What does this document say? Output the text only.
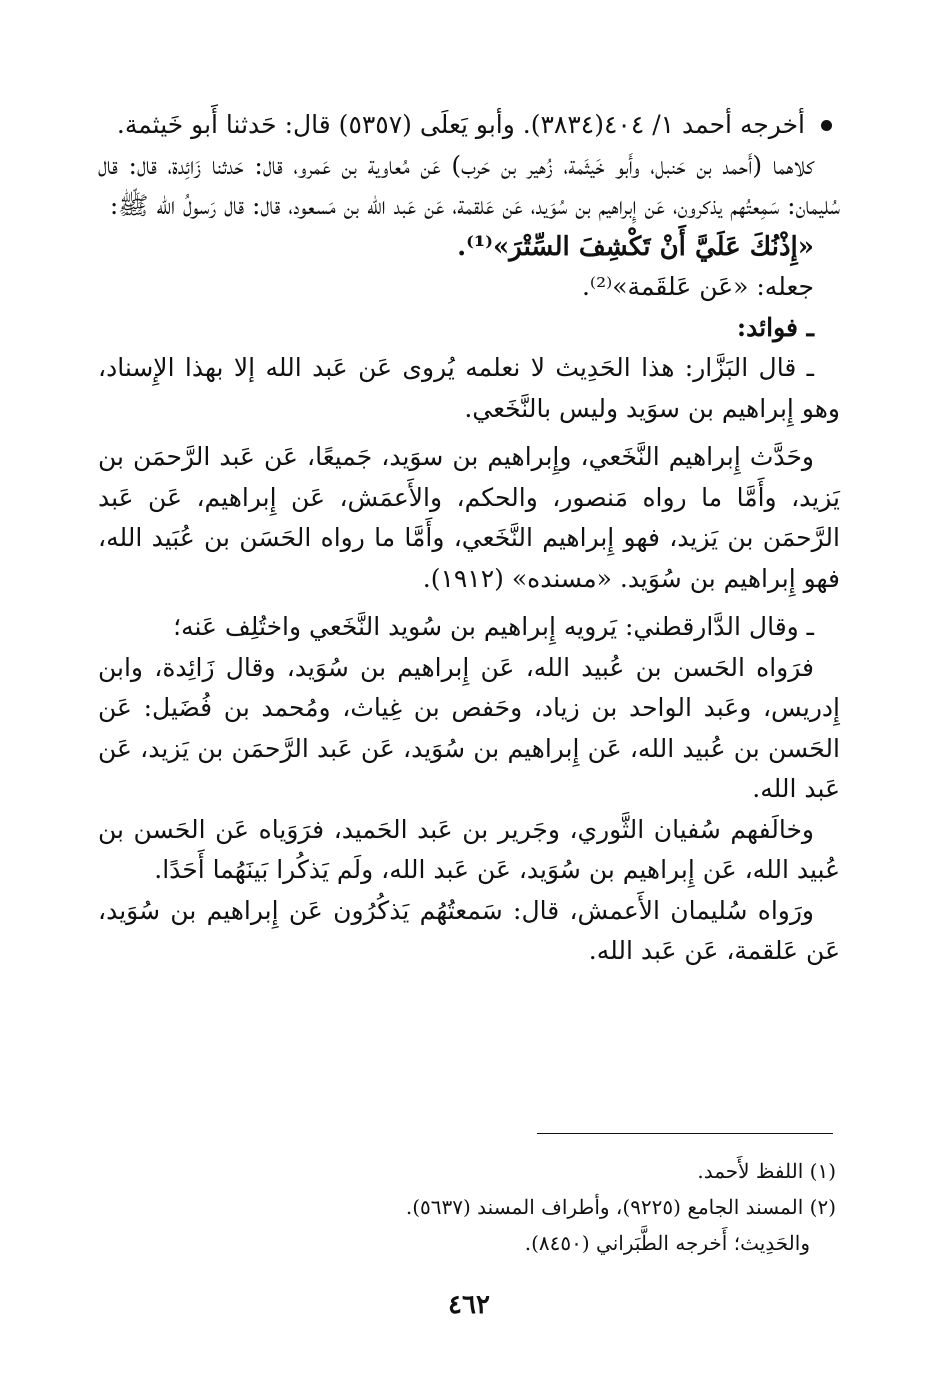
أخرجه أحمد ١/ ٤٠٤(٣٨٣٤). وأبو يَعلَى (٥٣٥٧) قال: حَدثنا أَبو خَيثمة.

كلاهما (أَحمد بن حَنبل، وأَبو خَيثَمة، زُهير بن حَرب) عَن مُعاوية بن عَمرو، قال: حَدثنا زَائِدة، قال: قال سُليمان: سَمِعتُهم يذكرون، عَن إِبراهيم بن سُوَيد، عَن عَلقمة، عَن عَبد الله بن مَسعود، قال: قال رَسولُ الله ﷺ:

«إِذْنُكَ عَلَيَّ أَنْ تَكْشِفَ السِّتْرَ»⁽¹⁾.

جعله: «عَن عَلقَمة»⁽²⁾.

ـ فوائد:

ـ قال البَزَّار: هذا الحَدِيث لا نعلمه يُروى عَن عَبد الله إلا بهذا الإِسناد، وهو إِبراهيم بن سوَيد وليس بالنَّخَعي.

وحَدَّث إِبراهيم النَّخَعي، وإِبراهيم بن سوَيد، جَميعًا، عَن عَبد الرَّحمَن بن يَزيد، وأَمَّا ما رواه مَنصور، والحكم، والأَعمَش، عَن إِبراهيم، عَن عَبد الرَّحمَن بن يَزيد، فهو إِبراهيم النَّخَعي، وأَمَّا ما رواه الحَسَن بن عُبَيد الله، فهو إِبراهيم بن سُوَيد. «مسنده» (١٩١٢).

ـ وقال الدَّارقطني: يَرويه إِبراهيم بن سُويد النَّخَعي واختُلِف عَنه؛

فرَواه الحَسن بن عُبيد الله، عَن إِبراهيم بن سُوَيد، وقال زَائِدة، وابن إِدريس، وعَبد الواحد بن زياد، وحَفص بن غِياث، ومُحمد بن فُضَيل: عَن الحَسن بن عُبيد الله، عَن إِبراهيم بن سُوَيد، عَن عَبد الرَّحمَن بن يَزيد، عَن عَبد الله.

وخالَفهم سُفيان الثَّوري، وجَرير بن عَبد الحَميد، فرَوَياه عَن الحَسن بن عُبيد الله، عَن إِبراهيم بن سُوَيد، عَن عَبد الله، ولَم يَذكُرا بَينَهُما أَحَدًا.

ورَواه سُليمان الأَعمش، قال: سَمعتُهُم يَذكُرُون عَن إِبراهيم بن سُوَيد، عَن عَلقمة، عَن عَبد الله.

(١) اللفظ لأَحمد.
(٢) المسند الجامع (٩٢٢٥)، وأطراف المسند (٥٦٣٧).
والحَدِيث؛ أَخرجه الطَّبَراني (٨٤٥٠).
٤٦٢
